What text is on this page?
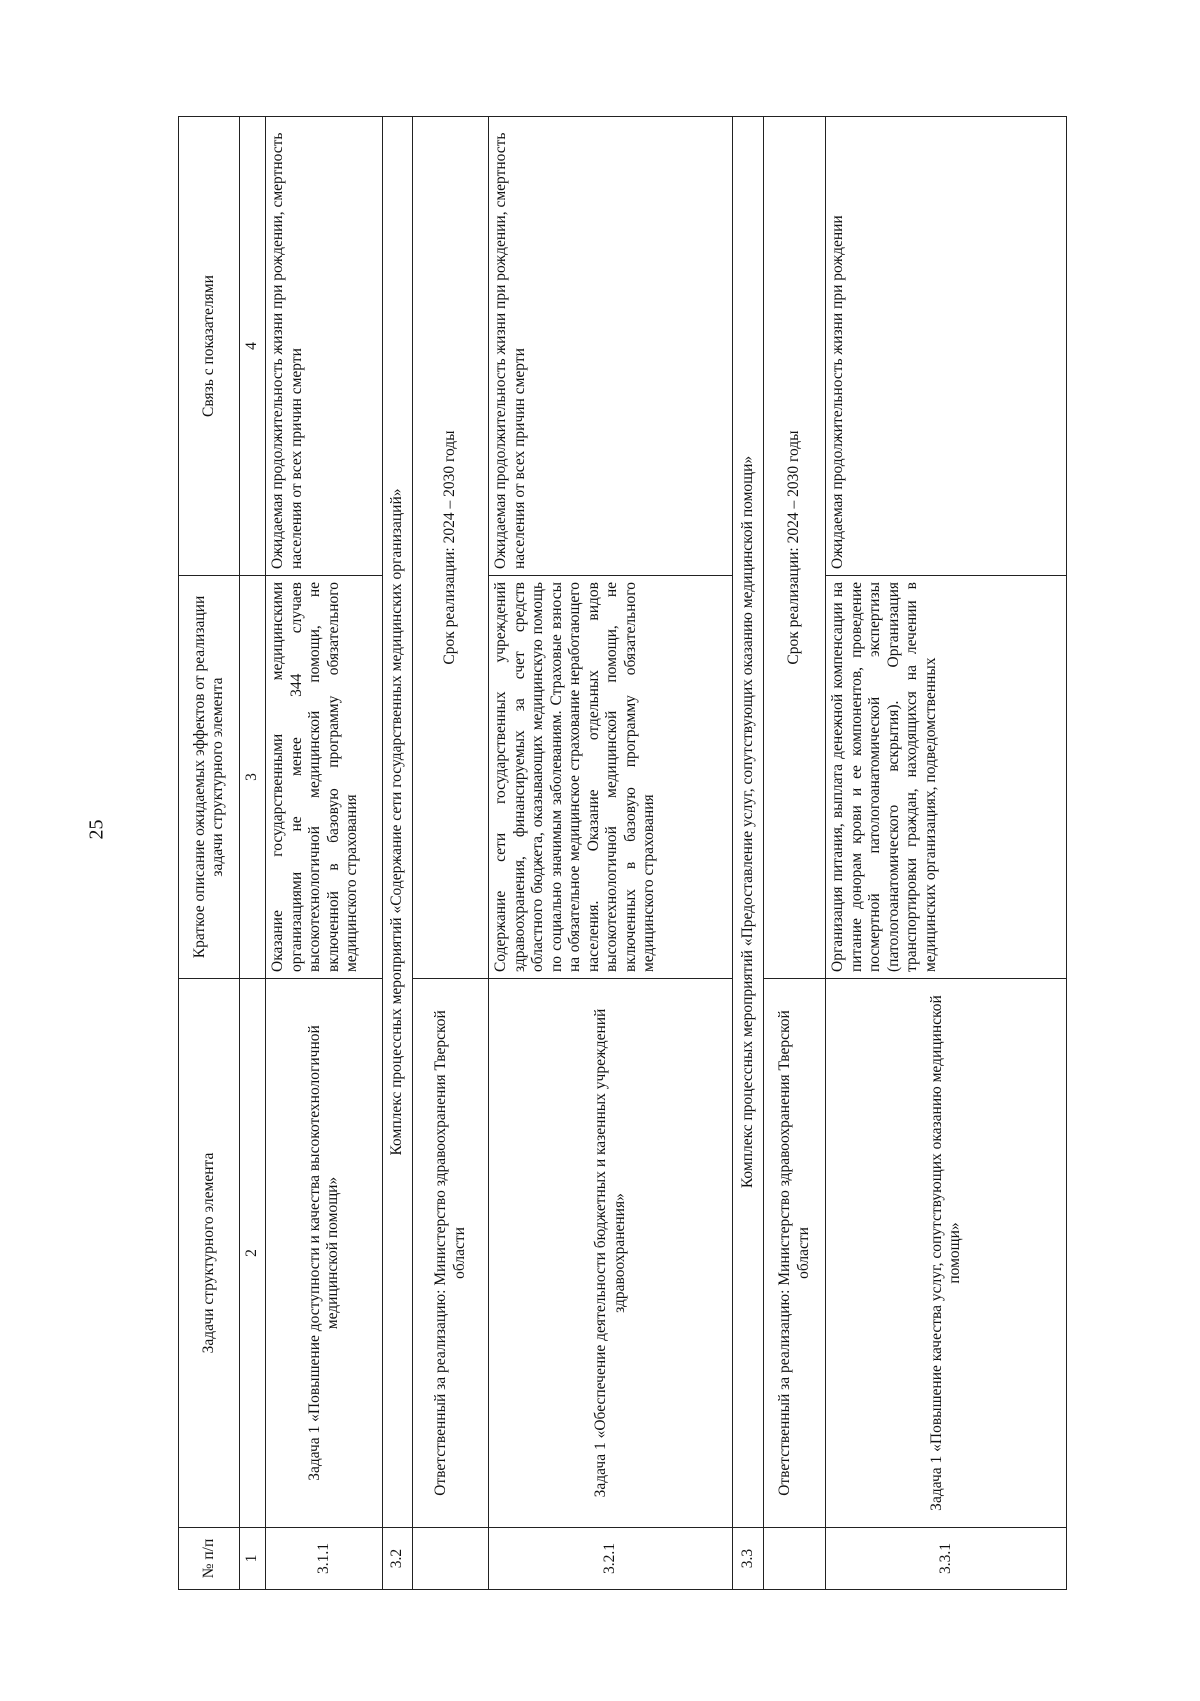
25
№ п/п	Задачи структурного элемента	Краткое описание ожидаемых эффектов от реализации задачи структурного элемента	Связь с показателями
1	2	3	4
3.1.1	Задача 1 «Повышение доступности и качества высокотехнологичной медицинской помощи»	Оказание государственными медицинскими организациями не менее 344 случаев высокотехнологичной медицинской помощи, не включенной в базовую программу обязательного медицинского страхования	Ожидаемая продолжительность жизни при рождении, смертность населения от всех причин смерти
3.2	Комплекс процессных мероприятий «Содержание сети государственных медицинских организаций»		
	Ответственный за реализацию: Министерство здравоохранения Тверской области	Срок реализации: 2024 – 2030 годы	
3.2.1	Задача 1 «Обеспечение деятельности бюджетных и казенных учреждений здравоохранения»	Содержание сети государственных учреждений здравоохранения, финансируемых за счет средств областного бюджета, оказывающих медицинскую помощь по социально значимым заболеваниям. Страховые взносы на обязательное медицинское страхование неработающего населения. Оказание отдельных видов высокотехнологичной медицинской помощи, не включенных в базовую программу обязательного медицинского страхования	Ожидаемая продолжительность жизни при рождении, смертность населения от всех причин смерти
3.3	Комплекс процессных мероприятий «Предоставление услуг, сопутствующих оказанию медицинской помощи»		
	Ответственный за реализацию: Министерство здравоохранения Тверской области	Срок реализации: 2024 – 2030 годы	
3.3.1	Задача 1 «Повышение качества услуг, сопутствующих оказанию медицинской помощи»	Организация питания, выплата денежной компенсации на питание донорам крови и ее компонентов, проведение посмертной патологоанатомической экспертизы (патологоанатомического вскрытия). Организация транспортировки граждан, находящихся на лечении в медицинских организациях, подведомственных	Ожидаемая продолжительность жизни при рождении
